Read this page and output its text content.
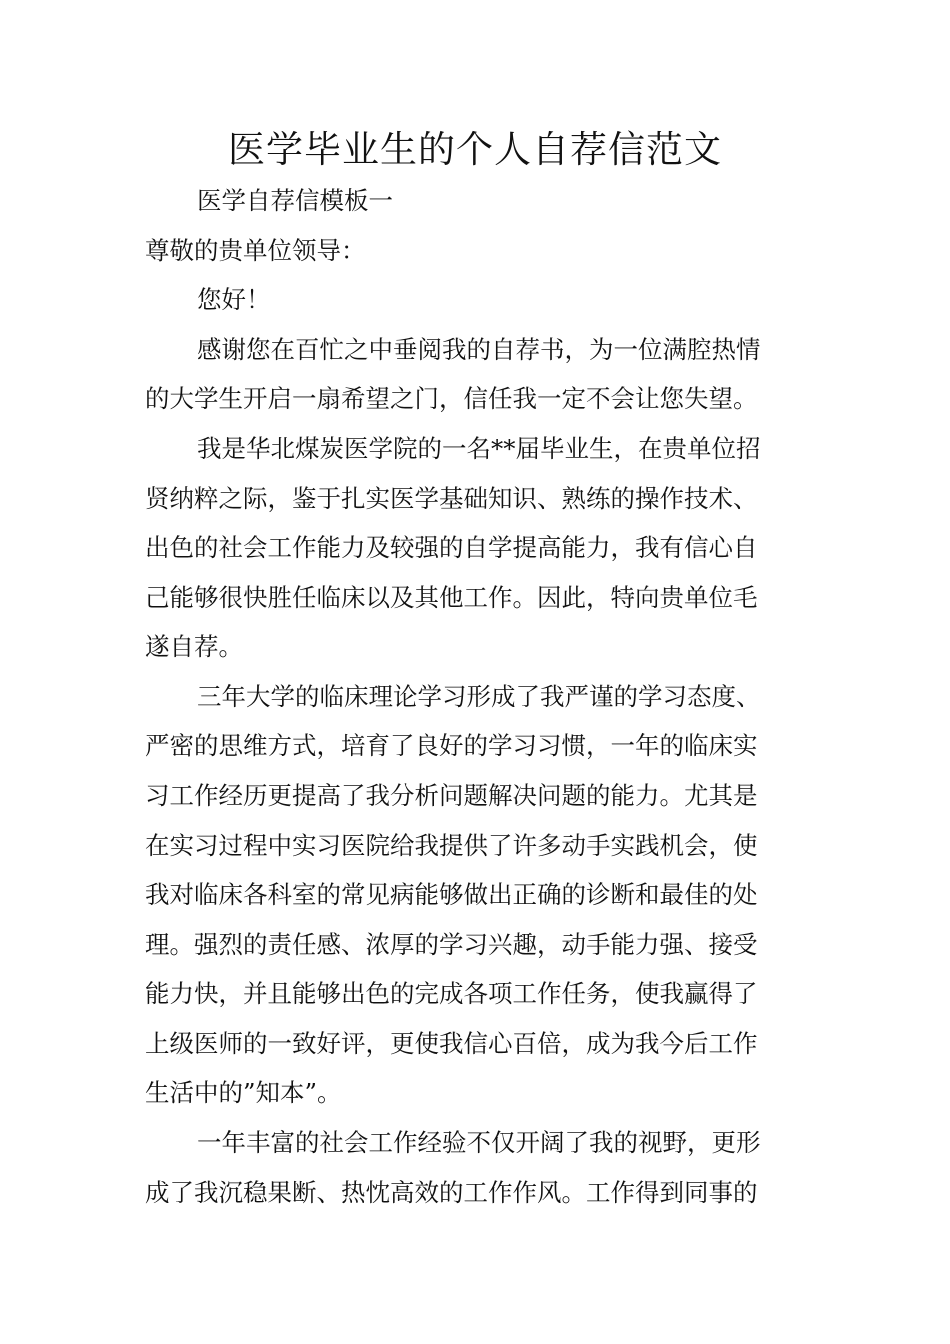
医学毕业生的个人自荐信范文

医学自荐信模板一

尊敬的贵单位领导：

您好！

感谢您在百忙之中垂阅我的自荐书，为一位满腔热情

的大学生开启一扇希望之门，信任我一定不会让您失望。

我是华北煤炭医学院的一名**届毕业生，在贵单位招

贤纳粹之际，鉴于扎实医学基础知识、熟练的操作技术、

出色的社会工作能力及较强的自学提高能力，我有信心自

己能够很快胜任临床以及其他工作。因此，特向贵单位毛

遂自荐。

三年大学的临床理论学习形成了我严谨的学习态度、

严密的思维方式，培育了良好的学习习惯，一年的临床实

习工作经历更提高了我分析问题解决问题的能力。尤其是

在实习过程中实习医院给我提供了许多动手实践机会，使

我对临床各科室的常见病能够做出正确的诊断和最佳的处

理。强烈的责任感、浓厚的学习兴趣，动手能力强、接受

能力快，并且能够出色的完成各项工作任务，使我赢得了

上级医师的一致好评，更使我信心百倍，成为我今后工作

生活中的”知本”。

一年丰富的社会工作经验不仅开阔了我的视野，更形

成了我沉稳果断、热忱高效的工作作风。工作得到同事的
